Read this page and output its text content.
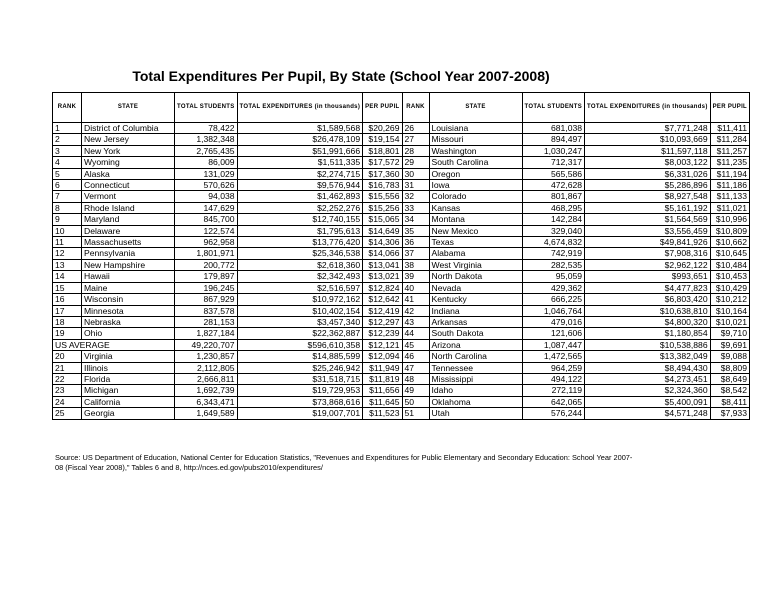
Total Expenditures Per Pupil, By State (School Year 2007-2008)
RANK	STATE	TOTAL STUDENTS	TOTAL EXPENDITURES (in thousands)	PER PUPIL	RANK	STATE	TOTAL STUDENTS	TOTAL EXPENDITURES (in thousands)	PER PUPIL
1	District of Columbia	78,422	$1,589,568	$20,269	26	Louisiana	681,038	$7,771,248	$11,411
2	New Jersey	1,382,348	$26,478,109	$19,154	27	Missouri	894,497	$10,093,669	$11,284
3	New York	2,765,435	$51,991,666	$18,801	28	Washington	1,030,247	$11,597,118	$11,257
4	Wyoming	86,009	$1,511,335	$17,572	29	South Carolina	712,317	$8,003,122	$11,235
5	Alaska	131,029	$2,274,715	$17,360	30	Oregon	565,586	$6,331,026	$11,194
6	Connecticut	570,626	$9,576,944	$16,783	31	Iowa	472,628	$5,286,896	$11,186
7	Vermont	94,038	$1,462,893	$15,556	32	Colorado	801,867	$8,927,548	$11,133
8	Rhode Island	147,629	$2,252,276	$15,256	33	Kansas	468,295	$5,161,192	$11,021
9	Maryland	845,700	$12,740,155	$15,065	34	Montana	142,284	$1,564,569	$10,996
10	Delaware	122,574	$1,795,613	$14,649	35	New Mexico	329,040	$3,556,459	$10,809
11	Massachusetts	962,958	$13,776,420	$14,306	36	Texas	4,674,832	$49,841,926	$10,662
12	Pennsylvania	1,801,971	$25,346,538	$14,066	37	Alabama	742,919	$7,908,316	$10,645
13	New Hampshire	200,772	$2,618,360	$13,041	38	West Virginia	282,535	$2,962,122	$10,484
14	Hawaii	179,897	$2,342,493	$13,021	39	North Dakota	95,059	$993,651	$10,453
15	Maine	196,245	$2,516,597	$12,824	40	Nevada	429,362	$4,477,823	$10,429
16	Wisconsin	867,929	$10,972,162	$12,642	41	Kentucky	666,225	$6,803,420	$10,212
17	Minnesota	837,578	$10,402,154	$12,419	42	Indiana	1,046,764	$10,638,810	$10,164
18	Nebraska	281,153	$3,457,340	$12,297	43	Arkansas	479,016	$4,800,320	$10,021
19	Ohio	1,827,184	$22,362,887	$12,239	44	South Dakota	121,606	$1,180,854	$9,710
US AVERAGE		49,220,707	$596,610,358	$12,121	45	Arizona	1,087,447	$10,538,886	$9,691
20	Virginia	1,230,857	$14,885,599	$12,094	46	North Carolina	1,472,565	$13,382,049	$9,088
21	Illinois	2,112,805	$25,246,942	$11,949	47	Tennessee	964,259	$8,494,430	$8,809
22	Florida	2,666,811	$31,518,715	$11,819	48	Mississippi	494,122	$4,273,451	$8,649
23	Michigan	1,692,739	$19,729,953	$11,656	49	Idaho	272,119	$2,324,360	$8,542
24	California	6,343,471	$73,868,616	$11,645	50	Oklahoma	642,065	$5,400,091	$8,411
25	Georgia	1,649,589	$19,007,701	$11,523	51	Utah	576,244	$4,571,248	$7,933
Source: US Department of Education, National Center for Education Statistics, "Revenues and Expenditures for Public Elementary and Secondary Education: School Year 2007-08 (Fiscal Year 2008)," Tables 6 and 8, http://nces.ed.gov/pubs2010/expenditures/
